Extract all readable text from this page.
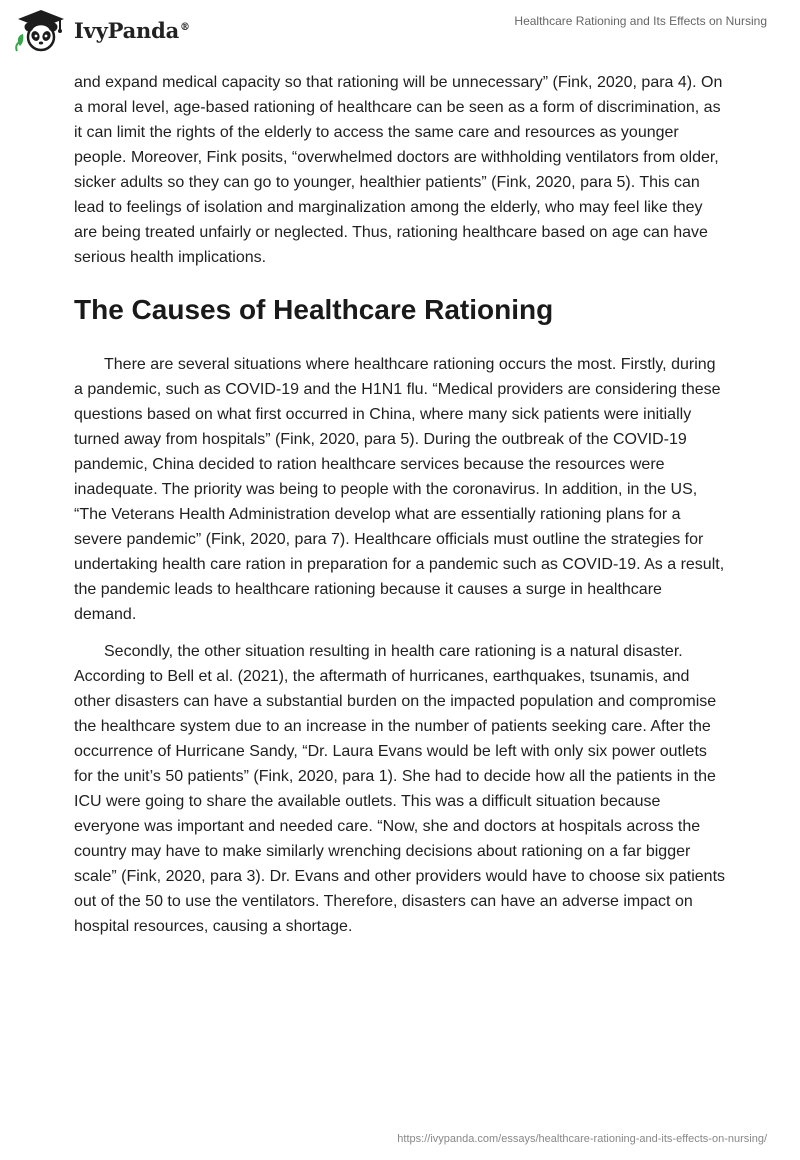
IvyPanda®	Healthcare Rationing and Its Effects on Nursing

and expand medical capacity so that rationing will be unnecessary” (Fink, 2020, para 4). On a moral level, age-based rationing of healthcare can be seen as a form of discrimination, as it can limit the rights of the elderly to access the same care and resources as younger people. Moreover, Fink posits, “overwhelmed doctors are withholding ventilators from older, sicker adults so they can go to younger, healthier patients” (Fink, 2020, para 5). This can lead to feelings of isolation and marginalization among the elderly, who may feel like they are being treated unfairly or neglected. Thus, rationing healthcare based on age can have serious health implications.

The Causes of Healthcare Rationing

There are several situations where healthcare rationing occurs the most. Firstly, during a pandemic, such as COVID-19 and the H1N1 flu. “Medical providers are considering these questions based on what first occurred in China, where many sick patients were initially turned away from hospitals” (Fink, 2020, para 5). During the outbreak of the COVID-19 pandemic, China decided to ration healthcare services because the resources were inadequate. The priority was being to people with the coronavirus. In addition, in the US, “The Veterans Health Administration develop what are essentially rationing plans for a severe pandemic” (Fink, 2020, para 7). Healthcare officials must outline the strategies for undertaking health care ration in preparation for a pandemic such as COVID-19. As a result, the pandemic leads to healthcare rationing because it causes a surge in healthcare demand.

Secondly, the other situation resulting in health care rationing is a natural disaster. According to Bell et al. (2021), the aftermath of hurricanes, earthquakes, tsunamis, and other disasters can have a substantial burden on the impacted population and compromise the healthcare system due to an increase in the number of patients seeking care. After the occurrence of Hurricane Sandy, “Dr. Laura Evans would be left with only six power outlets for the unit’s 50 patients” (Fink, 2020, para 1). She had to decide how all the patients in the ICU were going to share the available outlets. This was a difficult situation because everyone was important and needed care. “Now, she and doctors at hospitals across the country may have to make similarly wrenching decisions about rationing on a far bigger scale” (Fink, 2020, para 3). Dr. Evans and other providers would have to choose six patients out of the 50 to use the ventilators. Therefore, disasters can have an adverse impact on hospital resources, causing a shortage.

https://ivypanda.com/essays/healthcare-rationing-and-its-effects-on-nursing/
